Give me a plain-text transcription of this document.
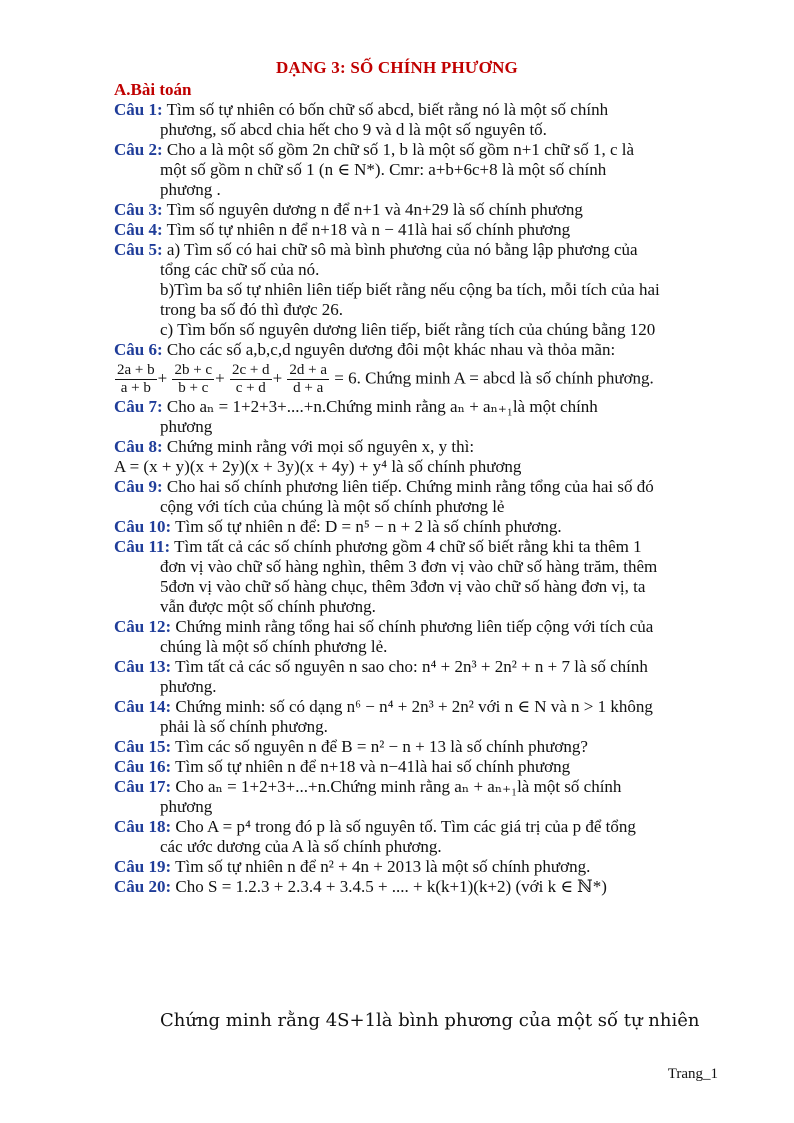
DẠNG 3: SỐ CHÍNH PHƯƠNG
A.Bài toán

Câu 1: Tìm số tự nhiên có bốn chữ số abcd, biết rằng nó là một số chính
phương, số abcd chia hết cho 9 và d là một số nguyên tố.

Câu 2: Cho a là một số gồm 2n chữ số 1, b là một số gồm n+1 chữ số 1, c là
một số gồm n chữ số 1 (n ∈ N*). Cmr: a+b+6c+8 là một số chính
phương .

Câu 3: Tìm số nguyên dương n để n+1 và 4n+29 là số chính phương

Câu 4: Tìm số tự nhiên n để n+18 và n − 41là hai số chính phương

Câu 5: a) Tìm số có hai chữ sô mà bình phương của nó bằng lập phương của
tổng các chữ số của nó.
b)Tìm ba số tự nhiên liên tiếp biết rằng nếu cộng ba tích, mỗi tích của hai
trong ba số đó thì được 26.
c) Tìm bốn số nguyên dương liên tiếp, biết rằng tích của chúng bằng 120

Câu 6: Cho các số a,b,c,d nguyên dương đôi một khác nhau và thỏa mãn:

$\frac{2a + b}{a + b} + \frac{2b + c}{b + c} + \frac{2c + d}{c + d} + \frac{2d + a}{d + a} = 6$. Chứng minh A = abcd là số chính phương.

Câu 7: Cho aₙ = 1+2+3+....+n.Chứng minh rằng aₙ + aₙ₊₁là một chính
phương

Câu 8: Chứng minh rằng với mọi số nguyên x, y thì:

A = (x + y)(x + 2y)(x + 3y)(x + 4y) + y⁴ là số chính phương

Câu 9: Cho hai số chính phương liên tiếp. Chứng minh rằng tổng của hai số đó
cộng với tích của chúng là một số chính phương lẻ

Câu 10: Tìm số tự nhiên n để: D = n⁵ − n + 2 là số chính phương.

Câu 11: Tìm tất cả các số chính phương gồm 4 chữ số biết rằng khi ta thêm 1
đơn vị vào chữ số hàng nghìn, thêm 3 đơn vị vào chữ số hàng trăm, thêm
5đơn vị vào chữ số hàng chục, thêm 3đơn vị vào chữ số hàng đơn vị, ta
vẫn được một số chính phương.

Câu 12: Chứng minh rằng tổng hai số chính phương liên tiếp cộng với tích của
chúng là một số chính phương lẻ.

Câu 13: Tìm tất cả các số nguyên n sao cho: n⁴ + 2n³ + 2n² + n + 7 là số chính
phương.

Câu 14: Chứng minh: số có dạng n⁶ − n⁴ + 2n³ + 2n² với n ∈ N và n > 1 không
phải là số chính phương.

Câu 15: Tìm các số nguyên n để B = n² − n + 13 là số chính phương?

Câu 16: Tìm số tự nhiên n để n+18 và n−41là hai số chính phương

Câu 17: Cho aₙ = 1+2+3+...+n.Chứng minh rằng aₙ + aₙ₊₁là một số chính
phương

Câu 18: Cho A = p⁴ trong đó p là số nguyên tố. Tìm các giá trị của p để tổng
các ước dương của A là số chính phương.

Câu 19: Tìm số tự nhiên n để n² + 4n + 2013 là một số chính phương.

Câu 20: Cho S = 1.2.3 + 2.3.4 + 3.4.5 + .... + k(k+1)(k+2) (với k ∈ ℕ*)

Chứng minh rằng 4S+1là bình phương của một số tự nhiên
Trang_1
